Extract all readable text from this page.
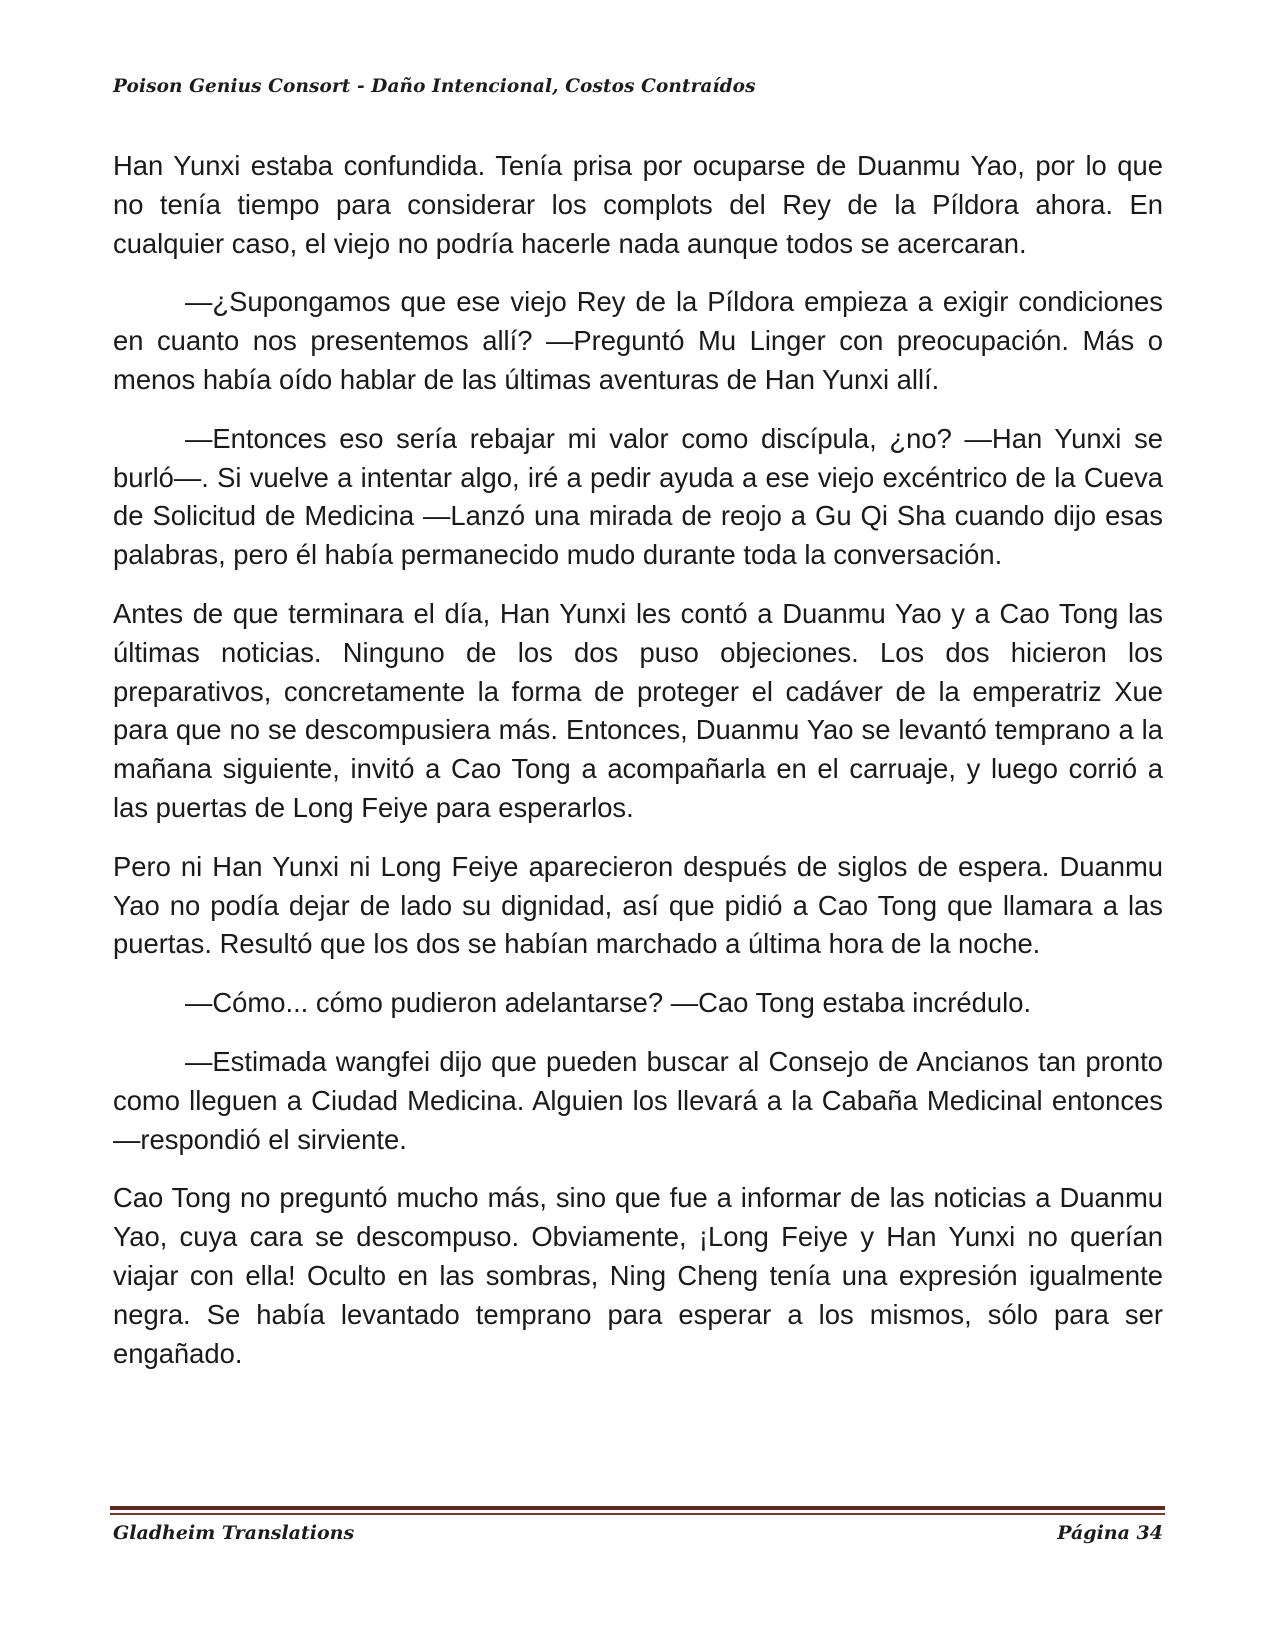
Poison Genius Consort - Daño Intencional, Costos Contraídos

Han Yunxi estaba confundida. Tenía prisa por ocuparse de Duanmu Yao, por lo que no tenía tiempo para considerar los complots del Rey de la Píldora ahora. En cualquier caso, el viejo no podría hacerle nada aunque todos se acercaran.

—¿Supongamos que ese viejo Rey de la Píldora empieza a exigir condiciones en cuanto nos presentemos allí? —Preguntó Mu Linger con preocupación. Más o menos había oído hablar de las últimas aventuras de Han Yunxi allí.

—Entonces eso sería rebajar mi valor como discípula, ¿no? —Han Yunxi se burló—. Si vuelve a intentar algo, iré a pedir ayuda a ese viejo excéntrico de la Cueva de Solicitud de Medicina —Lanzó una mirada de reojo a Gu Qi Sha cuando dijo esas palabras, pero él había permanecido mudo durante toda la conversación.

Antes de que terminara el día, Han Yunxi les contó a Duanmu Yao y a Cao Tong las últimas noticias. Ninguno de los dos puso objeciones. Los dos hicieron los preparativos, concretamente la forma de proteger el cadáver de la emperatriz Xue para que no se descompusiera más. Entonces, Duanmu Yao se levantó temprano a la mañana siguiente, invitó a Cao Tong a acompañarla en el carruaje, y luego corrió a las puertas de Long Feiye para esperarlos.

Pero ni Han Yunxi ni Long Feiye aparecieron después de siglos de espera. Duanmu Yao no podía dejar de lado su dignidad, así que pidió a Cao Tong que llamara a las puertas. Resultó que los dos se habían marchado a última hora de la noche.

—Cómo... cómo pudieron adelantarse? —Cao Tong estaba incrédulo.

—Estimada wangfei dijo que pueden buscar al Consejo de Ancianos tan pronto como lleguen a Ciudad Medicina. Alguien los llevará a la Cabaña Medicinal entonces —respondió el sirviente.

Cao Tong no preguntó mucho más, sino que fue a informar de las noticias a Duanmu Yao, cuya cara se descompuso. Obviamente, ¡Long Feiye y Han Yunxi no querían viajar con ella! Oculto en las sombras, Ning Cheng tenía una expresión igualmente negra. Se había levantado temprano para esperar a los mismos, sólo para ser engañado.

Gladheim Translations	Página 34
